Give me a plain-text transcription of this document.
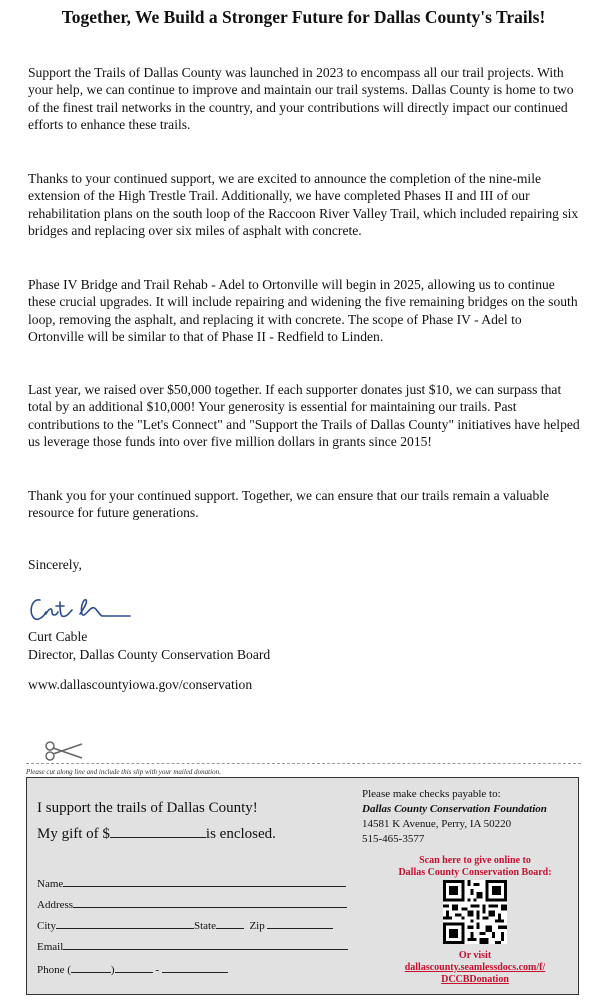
Together, We Build a Stronger Future for Dallas County's Trails!

Support the Trails of Dallas County was launched in 2023 to encompass all our trail projects. With your help, we can continue to improve and maintain our trail systems. Dallas County is home to two of the finest trail networks in the country, and your contributions will directly impact our continued efforts to enhance these trails.

Thanks to your continued support, we are excited to announce the completion of the nine-mile extension of the High Trestle Trail. Additionally, we have completed Phases II and III of our rehabilitation plans on the south loop of the Raccoon River Valley Trail, which included repairing six bridges and replacing over six miles of asphalt with concrete.

Phase IV Bridge and Trail Rehab - Adel to Ortonville will begin in 2025, allowing us to continue these crucial upgrades. It will include repairing and widening the five remaining bridges on the south loop, removing the asphalt, and replacing it with concrete. The scope of Phase IV - Adel to Ortonville will be similar to that of Phase II - Redfield to Linden.

Last year, we raised over $50,000 together. If each supporter donates just $10, we can surpass that total by an additional $10,000! Your generosity is essential for maintaining our trails. Past contributions to the "Let's Connect" and "Support the Trails of Dallas County" initiatives have helped us leverage those funds into over five million dollars in grants since 2015!

Thank you for your continued support. Together, we can ensure that our trails remain a valuable resource for future generations.

Sincerely,
Curt Cable
Director, Dallas County Conservation Board
www.dallascountyiowa.gov/conservation
Please cut along line and include this slip with your mailed donation.
I support the trails of Dallas County!
My gift of $	is enclosed.
Name
Address
City	State	Zip
Email
Phone (	)	-
Please make checks payable to:
Dallas County Conservation Foundation
14581 K Avenue, Perry, IA 50220
515-465-3577
Scan here to give online to
Dallas County Conservation Board:
Or visit
dallascounty.seamlessdocs.com/f/
DCCBDonation
